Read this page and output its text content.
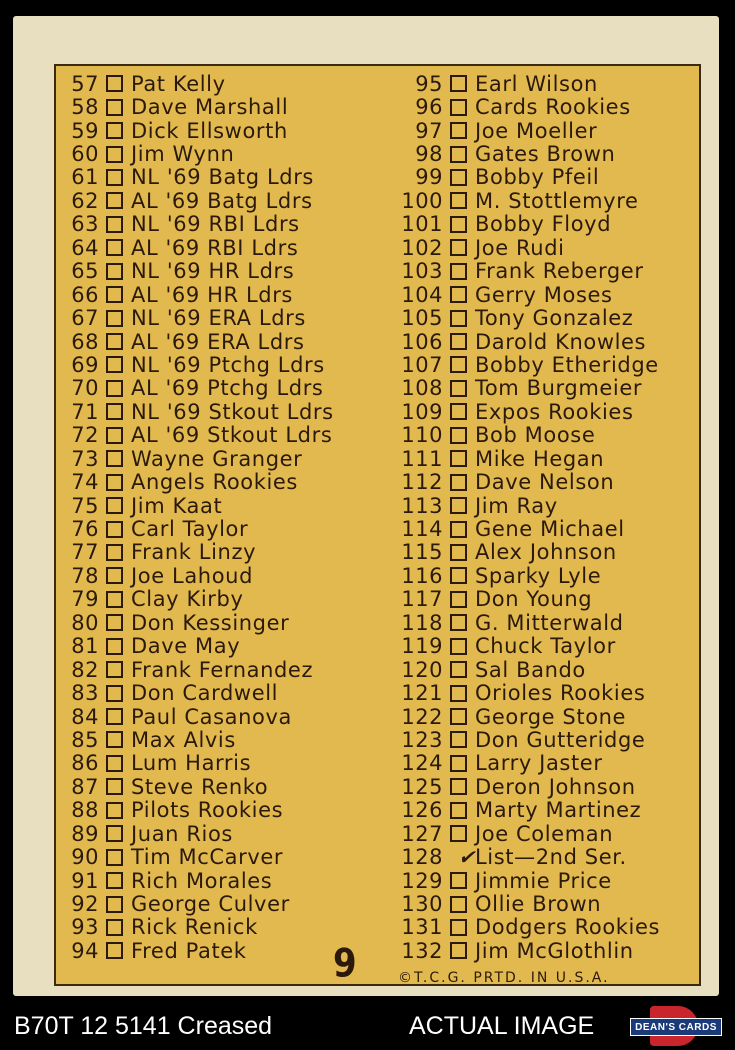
57 Pat Kelly
58 Dave Marshall
59 Dick Ellsworth
60 Jim Wynn
61 NL '69 Batg Ldrs
62 AL '69 Batg Ldrs
63 NL '69 RBI Ldrs
64 AL '69 RBI Ldrs
65 NL '69 HR Ldrs
66 AL '69 HR Ldrs
67 NL '69 ERA Ldrs
68 AL '69 ERA Ldrs
69 NL '69 Ptchg Ldrs
70 AL '69 Ptchg Ldrs
71 NL '69 Stkout Ldrs
72 AL '69 Stkout Ldrs
73 Wayne Granger
74 Angels Rookies
75 Jim Kaat
76 Carl Taylor
77 Frank Linzy
78 Joe Lahoud
79 Clay Kirby
80 Don Kessinger
81 Dave May
82 Frank Fernandez
83 Don Cardwell
84 Paul Casanova
85 Max Alvis
86 Lum Harris
87 Steve Renko
88 Pilots Rookies
89 Juan Rios
90 Tim McCarver
91 Rich Morales
92 George Culver
93 Rick Renick
94 Fred Patek
95 Earl Wilson
96 Cards Rookies
97 Joe Moeller
98 Gates Brown
99 Bobby Pfeil
100 M. Stottlemyre
101 Bobby Floyd
102 Joe Rudi
103 Frank Reberger
104 Gerry Moses
105 Tony Gonzalez
106 Darold Knowles
107 Bobby Etheridge
108 Tom Burgmeier
109 Expos Rookies
110 Bob Moose
111 Mike Hegan
112 Dave Nelson
113 Jim Ray
114 Gene Michael
115 Alex Johnson
116 Sparky Lyle
117 Don Young
118 G. Mitterwald
119 Chuck Taylor
120 Sal Bando
121 Orioles Rookies
122 George Stone
123 Don Gutteridge
124 Larry Jaster
125 Deron Johnson
126 Marty Martinez
127 Joe Coleman
128
✔ List—2nd Ser.
129 Jimmie Price
130 Ollie Brown
131 Dodgers Rookies
132 Jim McGlothlin
9	©T.C.G. PRTD. IN U.S.A.
B70T 12 5141 Creased	ACTUAL IMAGE	DEAN'S CARDS
